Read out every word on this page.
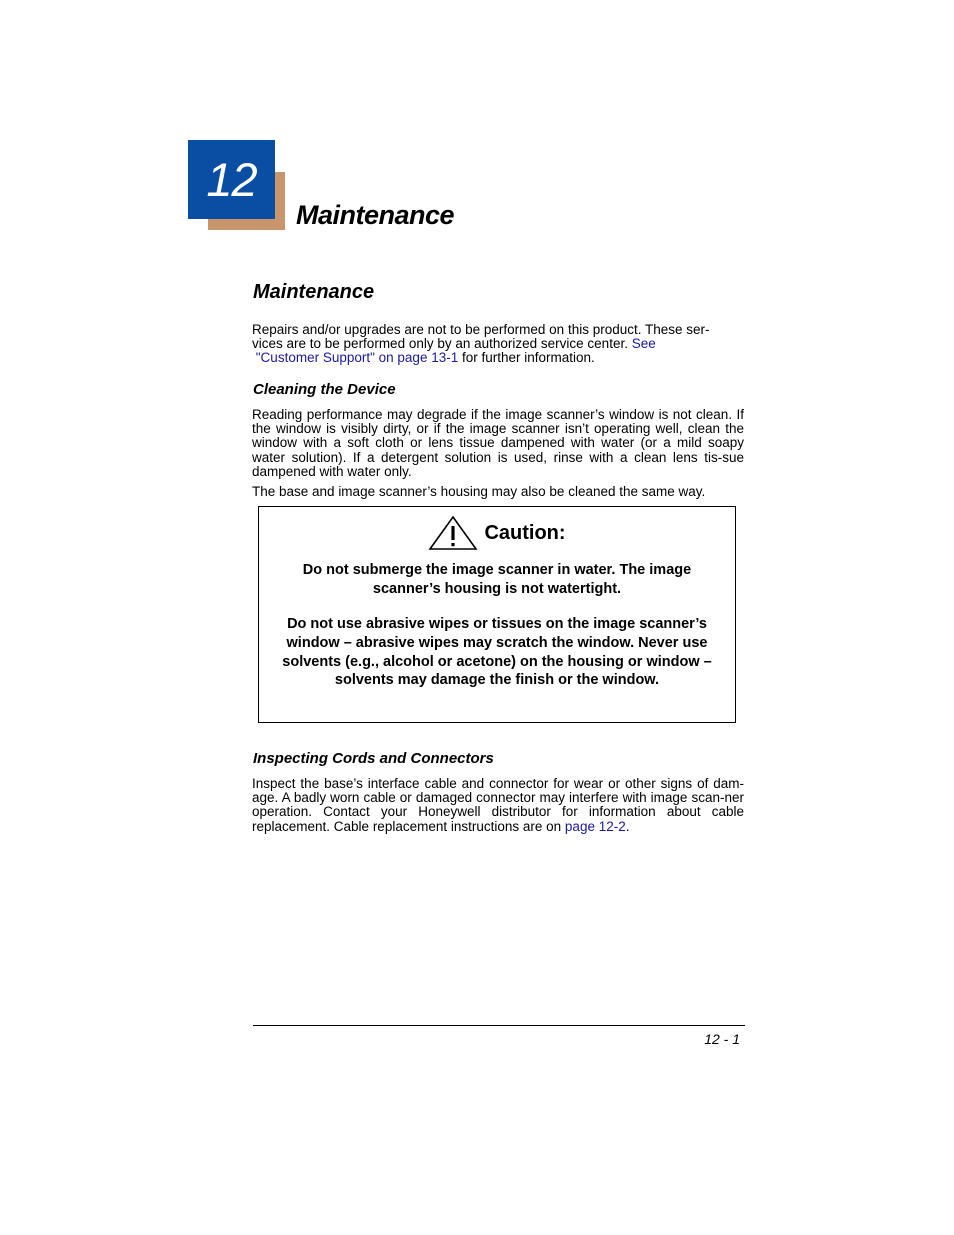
12
Maintenance
Maintenance

Repairs and/or upgrades are not to be performed on this product. These ser-
vices are to be performed only by an authorized service center. See
"Customer Support" on page 13-1 for further information.

Cleaning the Device

Reading performance may degrade if the image scanner’s window is not clean. If the window is visibly dirty, or if the image scanner isn’t operating well, clean the window with a soft cloth or lens tissue dampened with water (or a mild soapy water solution). If a detergent solution is used, rinse with a clean lens tis-sue dampened with water only.

The base and image scanner’s housing may also be cleaned the same way.

Caution:

Do not submerge the image scanner in water. The image scanner’s housing is not watertight.

Do not use abrasive wipes or tissues on the image scanner’s window – abrasive wipes may scratch the window. Never use solvents (e.g., alcohol or acetone) on the housing or window – solvents may damage the finish or the window.

Inspecting Cords and Connectors

Inspect the base’s interface cable and connector for wear or other signs of dam-age. A badly worn cable or damaged connector may interfere with image scan-ner operation. Contact your Honeywell distributor for information about cable replacement. Cable replacement instructions are on page 12-2.

12 - 1
